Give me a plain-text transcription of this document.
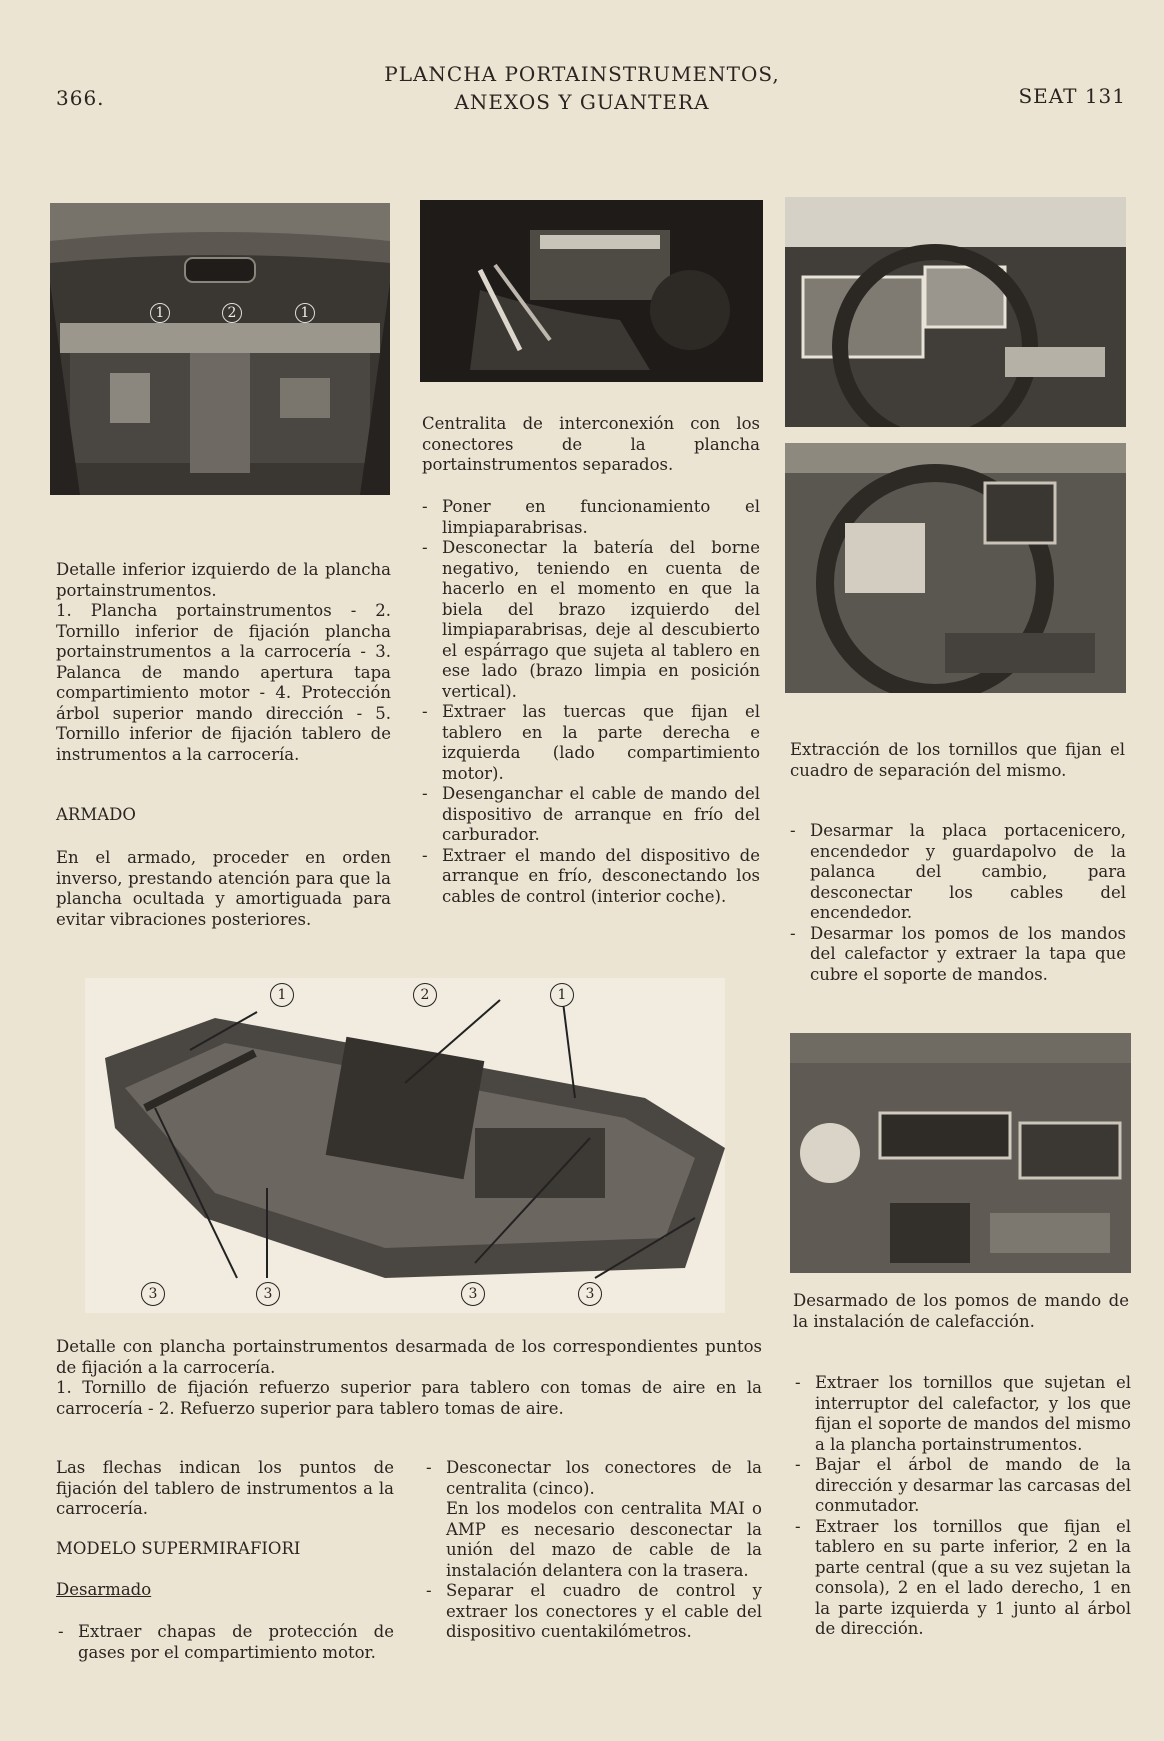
366.
PLANCHA PORTAINSTRUMENTOS,
ANEXOS Y GUANTERA	SEAT 131
1	2	1
Detalle inferior izquierdo de la plancha portainstrumentos.
1. Plancha portainstrumentos - 2. Tornillo inferior de fijación plancha portainstrumentos a la carrocería - 3. Palanca de mando apertura tapa compartimiento motor - 4. Protección árbol superior mando dirección - 5. Tornillo inferior de fijación tablero de instrumentos a la carrocería.
ARMADO
En el armado, proceder en orden inverso, prestando atención para que la plancha ocultada y amortiguada para evitar vibraciones posteriores.
Centralita de interconexión con los conectores de la plancha portainstrumentos separados.
- Poner en funcionamiento el limpiaparabrisas.
- Desconectar la batería del borne negativo, teniendo en cuenta de hacerlo en el momento en que la biela del brazo izquierdo del limpiaparabrisas, deje al descubierto el espárrago que sujeta al tablero en ese lado (brazo limpia en posición vertical).
- Extraer las tuercas que fijan el tablero en la parte derecha e izquierda (lado compartimiento motor).
- Desenganchar el cable de mando del dispositivo de arranque en frío del carburador.
- Extraer el mando del dispositivo de arranque en frío, desconectando los cables de control (interior coche).
Extracción de los tornillos que fijan el cuadro de separación del mismo.
- Desarmar la placa portacenicero, encendedor y guardapolvo de la palanca del cambio, para desconectar los cables del encendedor.
- Desarmar los pomos de los mandos del calefactor y extraer la tapa que cubre el soporte de mandos.
1	2	1
3	3	3	3
Detalle con plancha portainstrumentos desarmada de los correspondientes puntos de fijación a la carrocería.
1. Tornillo de fijación refuerzo superior para tablero con tomas de aire en la carrocería - 2. Refuerzo superior para tablero tomas de aire.
Las flechas indican los puntos de fijación del tablero de instrumentos a la carrocería.
MODELO SUPERMIRAFIORI
Desarmado
- Extraer chapas de protección de gases por el compartimiento motor.
- Desconectar los conectores de la centralita (cinco).
En los modelos con centralita MAI o AMP es necesario desconectar la unión del mazo de cable de la instalación delantera con la trasera.
- Separar el cuadro de control y extraer los conectores y el cable del dispositivo cuentakilómetros.
Desarmado de los pomos de mando de la instalación de calefacción.
- Extraer los tornillos que sujetan el interruptor del calefactor, y los que fijan el soporte de mandos del mismo a la plancha portainstrumentos.
- Bajar el árbol de mando de la dirección y desarmar las carcasas del conmutador.
- Extraer los tornillos que fijan el tablero en su parte inferior, 2 en la parte central (que a su vez sujetan la consola), 2 en el lado derecho, 1 en la parte izquierda y 1 junto al árbol de dirección.
